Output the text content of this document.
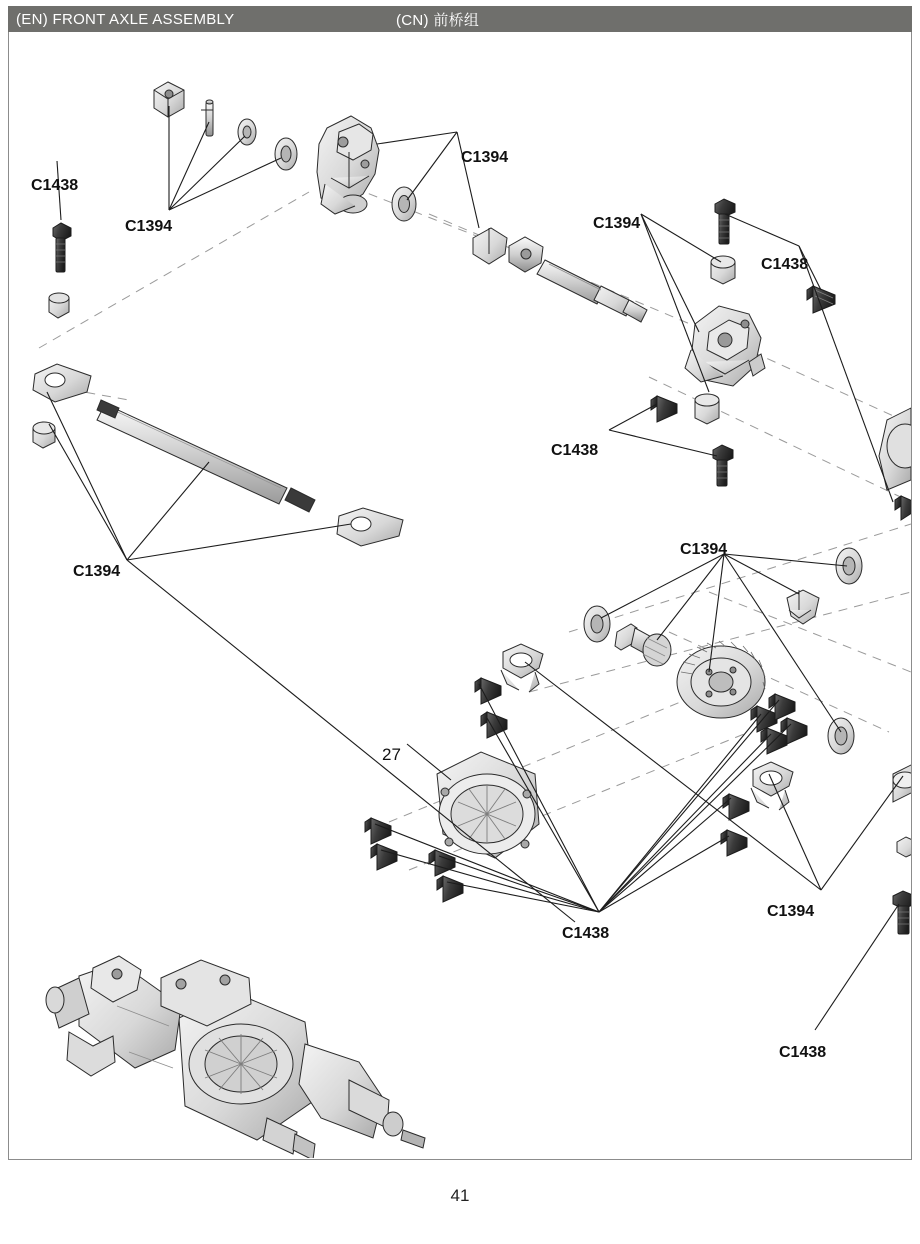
(EN) FRONT AXLE ASSEMBLY	(CN) 前桥组
C1438
C1394
C1394
C1394
C1438
C1438
C1394
C1394
27
C1438
C1394
C1438
41
